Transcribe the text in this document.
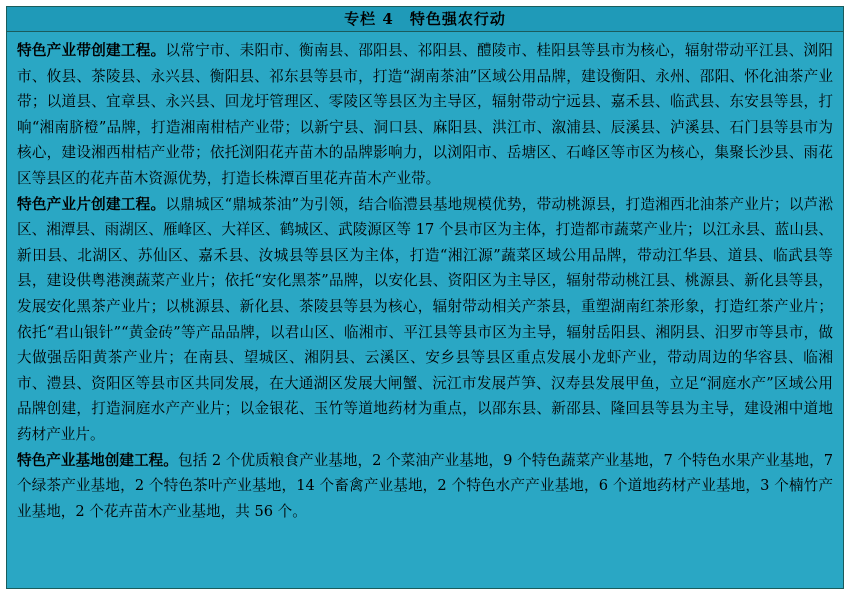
专栏 4　特色强农行动

特色产业带创建工程。以常宁市、耒阳市、衡南县、邵阳县、祁阳县、醴陵市、桂阳县等县市为核心，辐射带动平江县、浏阳市、攸县、茶陵县、永兴县、衡阳县、祁东县等县市，打造“湖南茶油”区域公用品牌，建设衡阳、永州、邵阳、怀化油茶产业带；以道县、宜章县、永兴县、回龙圩管理区、零陵区等县区为主导区，辐射带动宁远县、嘉禾县、临武县、东安县等县，打响“湘南脐橙”品牌，打造湘南柑桔产业带；以新宁县、洞口县、麻阳县、洪江市、溆浦县、辰溪县、泸溪县、石门县等县市为核心，建设湘西柑桔产业带；依托浏阳花卉苗木的品牌影响力，以浏阳市、岳塘区、石峰区等市区为核心，集聚长沙县、雨花区等县区的花卉苗木资源优势，打造长株潭百里花卉苗木产业带。

特色产业片创建工程。以鼎城区“鼎城茶油”为引领，结合临澧县基地规模优势，带动桃源县，打造湘西北油茶产业片；以芦淞区、湘潭县、雨湖区、雁峰区、大祥区、鹤城区、武陵源区等 17 个县市区为主体，打造都市蔬菜产业片；以江永县、蓝山县、新田县、北湖区、苏仙区、嘉禾县、汝城县等县区为主体，打造“湘江源”蔬菜区域公用品牌，带动江华县、道县、临武县等县，建设供粤港澳蔬菜产业片；依托“安化黑茶”品牌，以安化县、资阳区为主导区，辐射带动桃江县、桃源县、新化县等县，发展安化黑茶产业片；以桃源县、新化县、茶陵县等县为核心，辐射带动相关产茶县，重塑湖南红茶形象，打造红茶产业片；依托“君山银针”“黄金砖”等产品品牌，以君山区、临湘市、平江县等县市区为主导，辐射岳阳县、湘阴县、汨罗市等县市，做大做强岳阳黄茶产业片；在南县、望城区、湘阴县、云溪区、安乡县等县区重点发展小龙虾产业，带动周边的华容县、临湘市、澧县、资阳区等县市区共同发展，在大通湖区发展大闸蟹、沅江市发展芦笋、汉寿县发展甲鱼，立足“洞庭水产”区域公用品牌创建，打造洞庭水产产业片；以金银花、玉竹等道地药材为重点，以邵东县、新邵县、隆回县等县为主导，建设湘中道地药材产业片。

特色产业基地创建工程。包括 2 个优质粮食产业基地，2 个菜油产业基地，9 个特色蔬菜产业基地，7 个特色水果产业基地，7 个绿茶产业基地，2 个特色茶叶产业基地，14 个畜禽产业基地，2 个特色水产产业基地，6 个道地药材产业基地，3 个楠竹产业基地，2 个花卉苗木产业基地，共 56 个。
